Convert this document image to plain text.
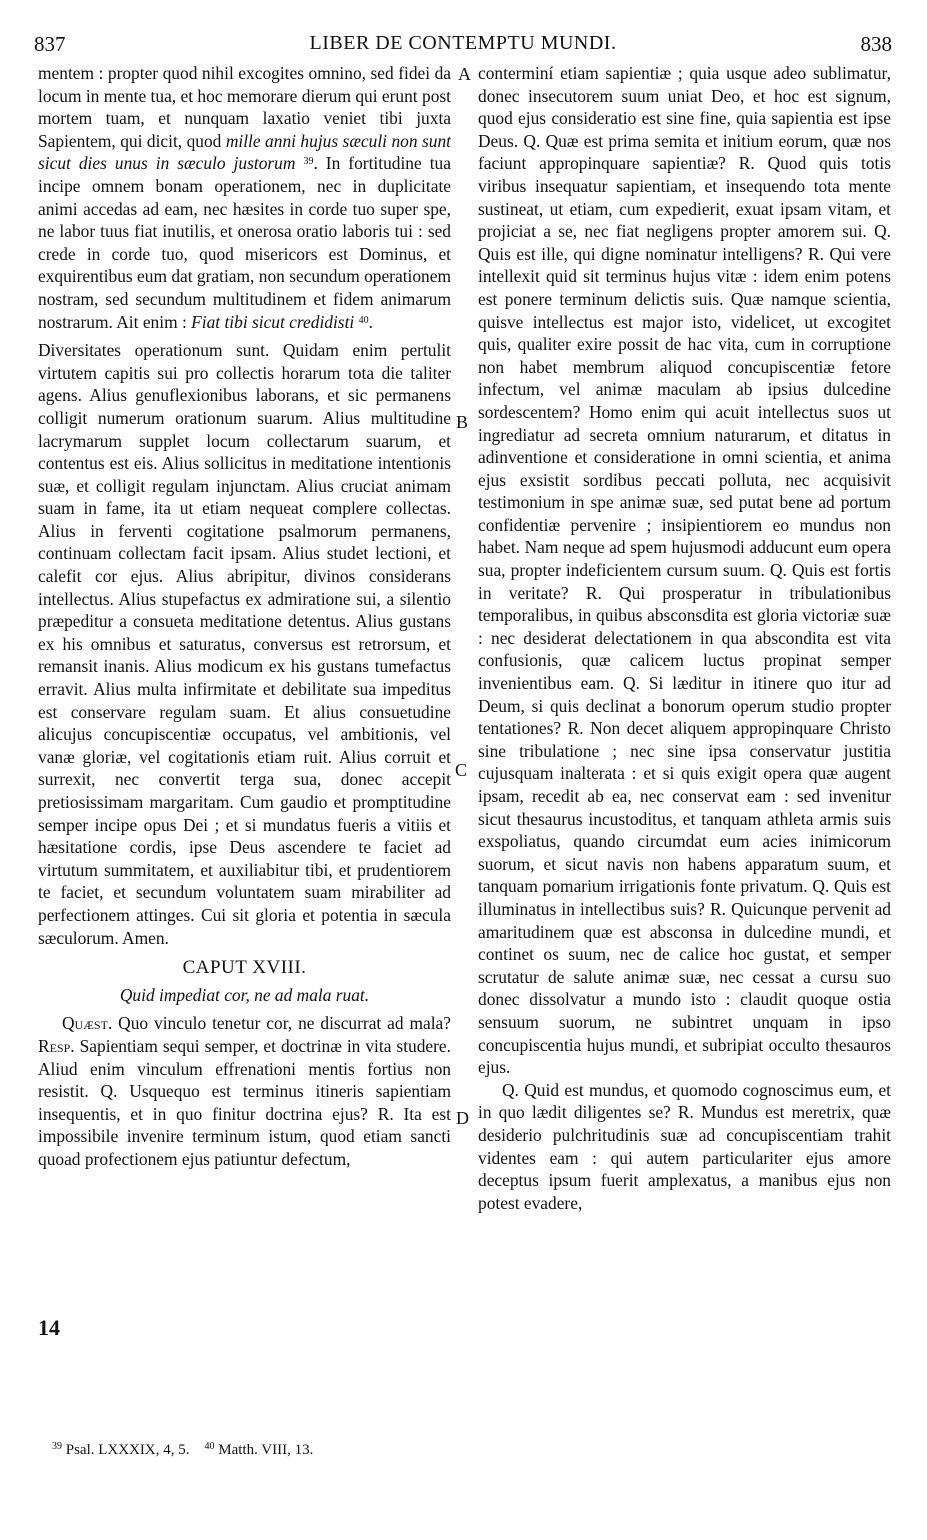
837	LIBER DE CONTEMPTU MUNDI.	838

mentem : propter quod nihil excogites omnino, sed fidei da locum in mente tua, et hoc memorare dierum qui erunt post mortem tuam, et nunquam laxatio veniet tibi juxta Sapientem, qui dicit, quod mille anni hujus sæculi non sunt sicut dies unus in sæculo justorum $^{39}$. In fortitudine tua incipe omnem bonam operationem, nec in duplicitate animi accedas ad eam, nec hæsites in corde tuo super spe, ne labor tuus fiat inutilis, et onerosa oratio laboris tui : sed crede in corde tuo, quod misericors est Dominus, et exquirentibus eum dat gratiam, non secundum operationem nostram, sed secundum multitudinem et fidem animarum nostrarum. Ait enim : Fiat tibi sicut credidisti $^{40}$.

Diversitates operationum sunt. Quidam enim pertulit virtutem capitis sui pro collectis horarum tota die taliter agens. Alius genuflexionibus laborans, et sic permanens colligit numerum orationum suarum. Alius multitudine lacrymarum supplet locum collectarum suarum, et contentus est eis. Alius sollicitus in meditatione intentionis suæ, et colligit regulam injunctam. Alius cruciat animam suam in fame, ita ut etiam nequeat complere collectas. Alius in ferventi cogitatione psalmorum permanens, continuam collectam facit ipsam. Alius studet lectioni, et calefit cor ejus. Alius abripitur, divinos considerans intellectus. Alius stupefactus ex admiratione sui, a silentio præpeditur a consueta meditatione detentus. Alius gustans ex his omnibus et saturatus, conversus est retrorsum, et remansit inanis. Alius modicum ex his gustans tumefactus erravit. Alius multa infirmitate et debilitate sua impeditus est conservare regulam suam. Et alius consuetudine alicujus concupiscentiæ occupatus, vel ambitionis, vel vanæ gloriæ, vel cogitationis etiam ruit. Alius corruit et surrexit, nec convertit terga sua, donec accepit pretiosissimam margaritam. Cum gaudio et promptitudine semper incipe opus Dei ; et si mundatus fueris a vitiis et hæsitatione cordis, ipse Deus ascendere te faciet ad virtutum summitatem, et auxiliabitur tibi, et prudentiorem te faciet, et secundum voluntatem suam mirabiliter ad perfectionem attinges. Cui sit gloria et potentia in sæcula sæculorum. Amen.

CAPUT XVIII.
Quid impediat cor, ne ad mala ruat.

Quæst. Quo vinculo tenetur cor, ne discurrat ad mala? Resp. Sapientiam sequi semper, et doctrinæ in vita studere. Aliud enim vinculum effrenationi mentis fortius non resistit. Q. Usquequo est terminus itineris sapientiam insequentis, et in quo finitur doctrina ejus? R. Ita est impossibile invenire terminum istum, quod etiam sancti quoad profectionem ejus patiuntur defectum,

A
B
C
D
14

conterminí etiam sapientiæ ; quia usque adeo sublimatur, donec insecutorem suum uniat Deo, et hoc est signum, quod ejus consideratio est sine fine, quia sapientia est ipse Deus. Q. Quæ est prima semita et initium eorum, quæ nos faciunt appropinquare sapientiæ? R. Quod quis totis viribus insequatur sapientiam, et insequendo tota mente sustineat, ut etiam, cum expedierit, exuat ipsam vitam, et projiciat a se, nec fiat negligens propter amorem sui. Q. Quis est ille, qui digne nominatur intelligens? R. Qui vere intellexit quid sit terminus hujus vitæ : idem enim potens est ponere terminum delictis suis. Quæ namque scientia, quisve intellectus est major isto, videlicet, ut excogitet quis, qualiter exire possit de hac vita, cum in corruptione non habet membrum aliquod concupiscentiæ fetore infectum, vel animæ maculam ab ipsius dulcedine sordescentem? Homo enim qui acuit intellectus suos ut ingrediatur ad secreta omnium naturarum, et ditatus in adinventione et consideratione in omni scientia, et anima ejus exsistit sordibus peccati polluta, nec acquisivit testimonium in spe animæ suæ, sed putat bene ad portum confidentiæ pervenire ; insipientiorem eo mundus non habet. Nam neque ad spem hujusmodi adducunt eum opera sua, propter indeficientem cursum suum. Q. Quis est fortis in veritate? R. Qui prosperatur in tribulationibus temporalibus, in quibus absconsdita est gloria victoriæ suæ : nec desiderat delectationem in qua abscondita est vita confusionis, quæ calicem luctus propinat semper invenientibus eam. Q. Si læditur in itinere quo itur ad Deum, si quis declinat a bonorum operum studio propter tentationes? R. Non decet aliquem appropinquare Christo sine tribulatione ; nec sine ipsa conservatur justitia cujusquam inalterata : et si quis exigit opera quæ augent ipsam, recedit ab ea, nec conservat eam : sed invenitur sicut thesaurus incustoditus, et tanquam athleta armis suis exspoliatus, quando circumdat eum acies inimicorum suorum, et sicut navis non habens apparatum suum, et tanquam pomarium irrigationis fonte privatum. Q. Quis est illuminatus in intellectibus suis? R. Quicunque pervenit ad amaritudinem quæ est absconsa in dulcedine mundi, et continet os suum, nec de calice hoc gustat, et semper scrutatur de salute animæ suæ, nec cessat a cursu suo donec dissolvatur a mundo isto : claudit quoque ostia sensuum suorum, ne subintret unquam in ipso concupiscentia hujus mundi, et subripiat occulto thesauros ejus.

Q. Quid est mundus, et quomodo cognoscimus eum, et in quo lædit diligentes se? R. Mundus est meretrix, quæ desiderio pulchritudinis suæ ad concupiscentiam trahit videntes eam : qui autem particulariter ejus amore deceptus ipsum fuerit amplexatus, a manibus ejus non potest evadere,

$^{39}$ Psal. LXXXIX, 4, 5. $^{40}$ Matth. VIII, 13.
